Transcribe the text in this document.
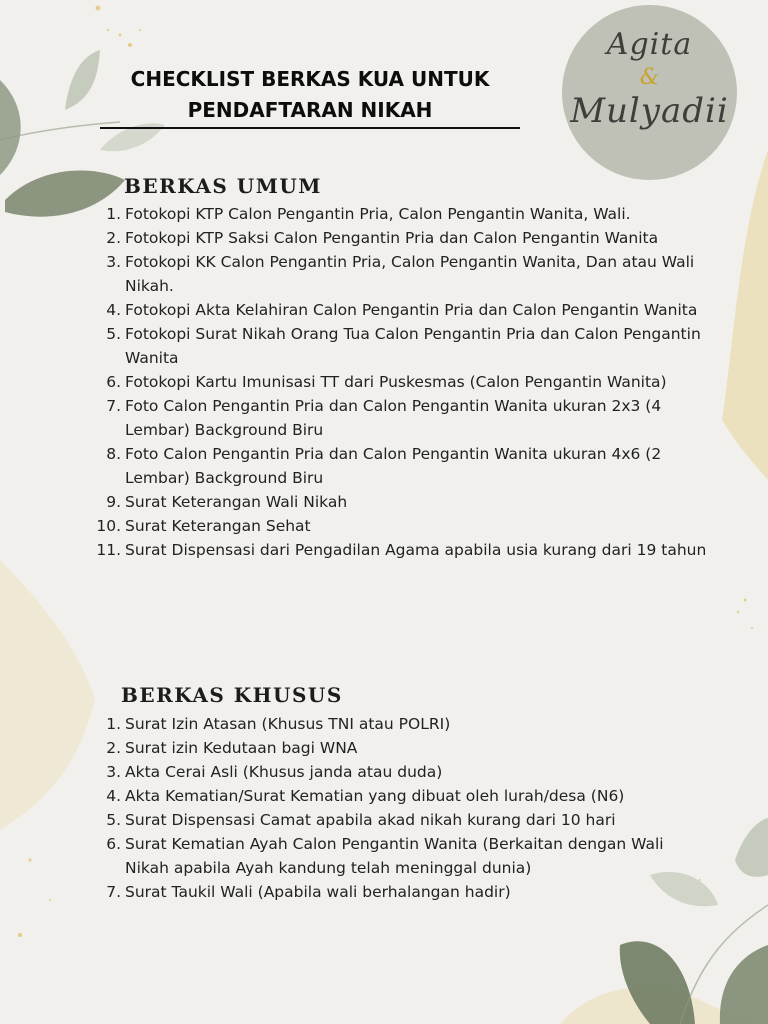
Agita
&
Mulyadii
CHECKLIST BERKAS KUA UNTUK
PENDAFTARAN NIKAH
BERKAS UMUM
1. Fotokopi KTP Calon Pengantin Pria, Calon Pengantin Wanita, Wali.
2. Fotokopi KTP Saksi Calon Pengantin Pria dan Calon Pengantin Wanita
3. Fotokopi KK Calon Pengantin Pria, Calon Pengantin Wanita, Dan atau Wali Nikah.
4. Fotokopi Akta Kelahiran Calon Pengantin Pria dan Calon Pengantin Wanita
5. Fotokopi Surat Nikah Orang Tua Calon Pengantin Pria dan Calon Pengantin Wanita
6. Fotokopi Kartu Imunisasi TT dari Puskesmas (Calon Pengantin Wanita)
7. Foto Calon Pengantin Pria dan Calon Pengantin Wanita ukuran 2x3 (4 Lembar) Background Biru
8. Foto Calon Pengantin Pria dan Calon Pengantin Wanita ukuran 4x6 (2 Lembar) Background Biru
9. Surat Keterangan Wali Nikah
10. Surat Keterangan Sehat
11. Surat Dispensasi dari Pengadilan Agama apabila usia kurang dari 19 tahun
BERKAS KHUSUS
1. Surat Izin Atasan (Khusus TNI atau POLRI)
2. Surat izin Kedutaan bagi WNA
3. Akta Cerai Asli (Khusus janda atau duda)
4. Akta Kematian/Surat Kematian yang dibuat oleh lurah/desa (N6)
5. Surat Dispensasi Camat apabila akad nikah kurang dari 10 hari
6. Surat Kematian Ayah Calon Pengantin Wanita (Berkaitan dengan Wali Nikah apabila Ayah kandung telah meninggal dunia)
7. Surat Taukil Wali (Apabila wali berhalangan hadir)
